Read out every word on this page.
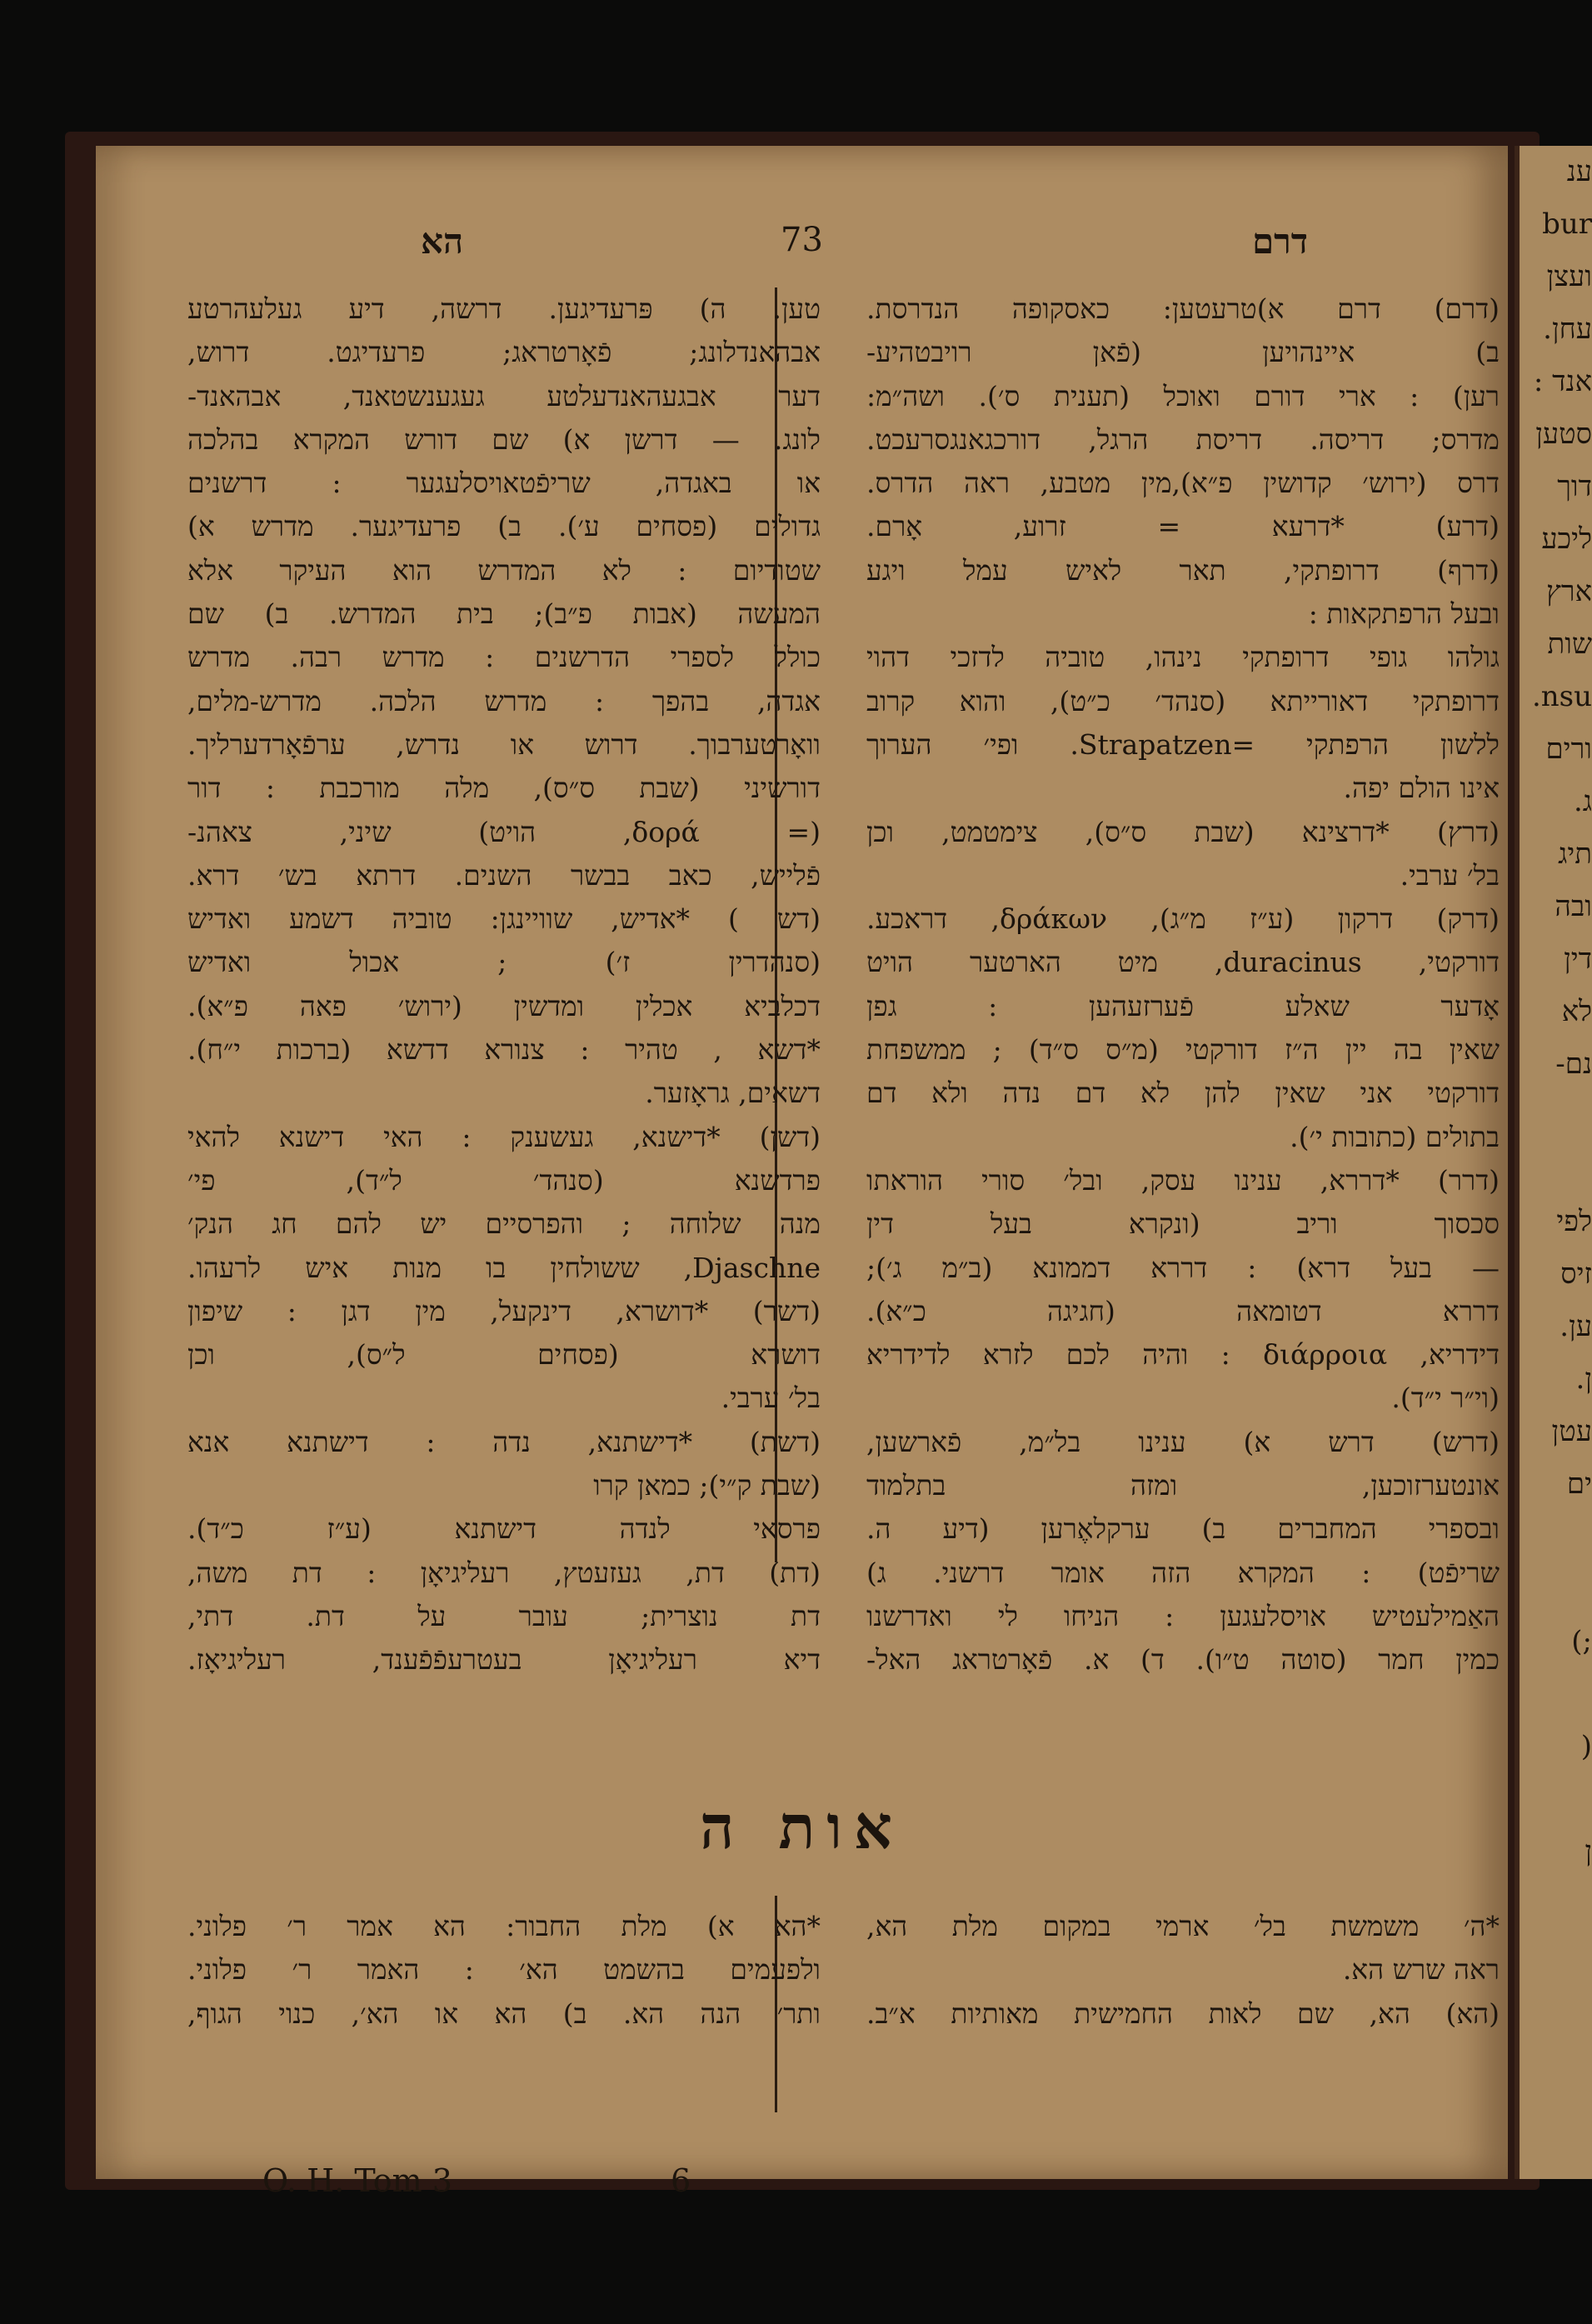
דרם
73
הא
(דרם) דרם א)טרעטען: כאסקופה הנדרסת.
ב) איינהויען (פֿאן רויבטהיע-
רען) : ארי דורם ואוכל (תענית ס׳). ושה״מ:
מדרס; דריסה. דריסת הרגל, דורכגאנגסרעכט.
דרס (ירוש׳ קדושין פ״א),מין מטבע, ראה הדרס.
(דרע) *דרעא = זרוע, אָרם.
(דרף) דרופתקי, תאר לאיש עמל ויגע
ובעל הרפתקאות :
גולהו גופי דרופתקי נינהו, טוביה לדזכי דהוי
דרופתקי דאורייתא (סנהד׳ כ״ט), והוא קרוב
ללשון הרפתקי =Strapatzen. ופי׳ הערוך
אינו הולם יפה.
(דרץ) *דרצינא (שבת ס״ס), צימטמט, וכן
בל׳ ערבי.
(דרק) דרקון (ע״ז מ״ג), δράκων, דראכע.
דורקטי, duracinus, מיט הארטער הויט
אָדער שאלע פֿערזעהען : גפן
שאין בה יין ה״ז דורקטי (מ״ס ס״ד) ; ממשפחת
דורקטי אני שאין להן לא דם נדה ולא דם
בתולים (כתובות י׳).
(דרר) *דררא, ענינו עסק, ובל׳ סורי הוראתו
סכסוך וריב (ונקרא בעל דין
— בעל דרא) : דררא דממונא (ב״מ ג׳);
דררא דטומאה (חגיגה כ״א).
דידריא, διάρροια : והיה לכם לזרא לדידריא
(וי״ר י״ד).
(דרש) דרש א) ענינו בל״מ, פֿארשען,
אונטערזוכען, ומזה בתלמוד
ובספרי המחברים ב) ערקלאֶרען (דיע ה.
שריפֿט) : המקרא הזה אומר דרשני. ג)
האַמילעטיש אויסלעגען : הניחו לי ואדרשנו
כמין חמר (סוטה ט״ו). ד) א. פֿאָרטראג האל-
טען. ה) פּרעדיגען. דרשה, דיע געלעהרטע
אבהאנדלונג; פֿאָרטראג; פרעדיגט. דרוש,
דער אבגעהאנדעלטע געגענשטאנד, אבהאנד-
לונג. — דרשן א) שם דורש המקרא בהלכה
או באגדה, שריפֿטאויסלעגער : דרשנים
גדולים (פסחים ע׳). ב) פרעדיגער. מדרש א)
שטודיום : לא המדרש הוא העיקר אלא
המעשה (אבות פ״ב); בית המדרש. ב) שם
כולל לספרי הדרשנים : מדרש רבה. מדרש
אגדה, בהפך : מדרש הלכה. מדרש-מלים,
וואָרטערבוך. דרוש או נדרש, ערפֿאָרדערליך.
דורשיני (שבת ס״ס), מלה מורכבת : דור
(= δορά, הויט) שיני, צאהנ-
פֿלייש, כאב בבשר השנים. דרתא בש׳ דרא.
(דש ) *אדיש, שוויינגן: טוביה דשמע ואדיש
(סנהדרין ז׳) ; אכול ואדיש
דכלביא אכלין ומדשין (ירוש׳ פאה פ״א).
*דשא , טהיר : צנורא דדשא (ברכות י״ח).
דשאים, גראָזער.
(דשן) *דישנא, געשענק : האי דישנא להאי
פרדשנא (סנהד׳ ל״ד), פי׳
מנה שלוחה ; והפרסיים יש להם חג הנק׳
Djaschne, ששולחין בו מנות איש לרעהו.
(דשר) *דושרא, דינקעל, מין דגן : שיפון
דושרא (פסחים ל״ס), וכן
בל׳ ערבי.
(דשת) *דישתנא, נדה : דישתנא אנא
(שבת ק״י); כמאן קרו
פרסאי לנדה דישתנא (ע״ז כ״ד).
(דת) דת, געזעטץ, רעליגיאָן : דת משה,
דת נוצרית; עובר על דת. דתי,
דיא רעליגיאָן בעטרעפֿפֿענד, רעליגיאָז.
אות ה
*ה׳ משמשת בל׳ ארמי במקום מלת הא,
ראה שרש הא.
(הא) הא, שם לאות החמישית מאותיות א״ב.
*הא א) מלת החבור: הא אמר ר׳ פלוני.
ולפעמים בהשמט הא׳ : האמר ר׳ פלוני.
ותר׳ הנה הא. ב) הא או הא׳, כנוי הגוף,
O. H. Tom 3	6
ענ
bur
ועצן
עחן.
אנד :
סטען
דוך
ליכע
ארץ
שות
nsu.
ורים
ג.
תיג
ובה
דין
לא
נם-
לפי
זיס
ען.
ן.
עטן
ים
;)
(
ן
